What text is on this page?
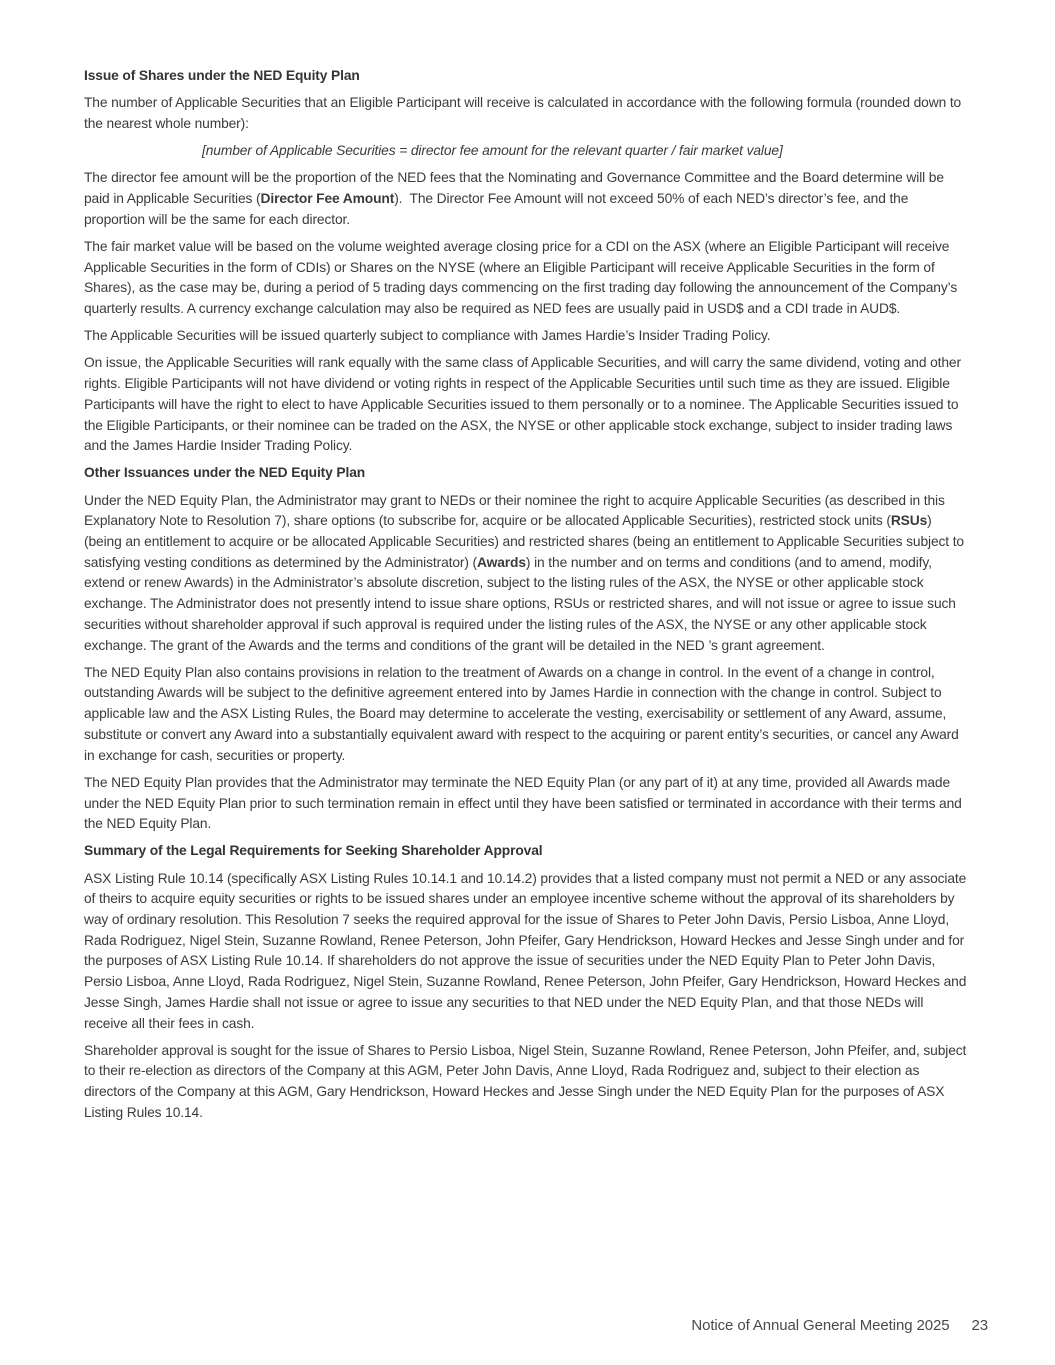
Issue of Shares under the NED Equity Plan

The number of Applicable Securities that an Eligible Participant will receive is calculated in accordance with the following formula (rounded down to the nearest whole number):

[number of Applicable Securities = director fee amount for the relevant quarter / fair market value]

The director fee amount will be the proportion of the NED fees that the Nominating and Governance Committee and the Board determine will be paid in Applicable Securities (Director Fee Amount).  The Director Fee Amount will not exceed 50% of each NED’s director’s fee, and the proportion will be the same for each director.

The fair market value will be based on the volume weighted average closing price for a CDI on the ASX (where an Eligible Participant will receive Applicable Securities in the form of CDIs) or Shares on the NYSE (where an Eligible Participant will receive Applicable Securities in the form of Shares), as the case may be, during a period of 5 trading days commencing on the first trading day following the announcement of the Company’s quarterly results. A currency exchange calculation may also be required as NED fees are usually paid in USD$ and a CDI trade in AUD$.

The Applicable Securities will be issued quarterly subject to compliance with James Hardie’s Insider Trading Policy.

On issue, the Applicable Securities will rank equally with the same class of Applicable Securities, and will carry the same dividend, voting and other rights. Eligible Participants will not have dividend or voting rights in respect of the Applicable Securities until such time as they are issued. Eligible Participants will have the right to elect to have Applicable Securities issued to them personally or to a nominee. The Applicable Securities issued to the Eligible Participants, or their nominee can be traded on the ASX, the NYSE or other applicable stock exchange, subject to insider trading laws and the James Hardie Insider Trading Policy.

Other Issuances under the NED Equity Plan

Under the NED Equity Plan, the Administrator may grant to NEDs or their nominee the right to acquire Applicable Securities (as described in this Explanatory Note to Resolution 7), share options (to subscribe for, acquire or be allocated Applicable Securities), restricted stock units (RSUs) (being an entitlement to acquire or be allocated Applicable Securities) and restricted shares (being an entitlement to Applicable Securities subject to satisfying vesting conditions as determined by the Administrator) (Awards) in the number and on terms and conditions (and to amend, modify, extend or renew Awards) in the Administrator’s absolute discretion, subject to the listing rules of the ASX, the NYSE or other applicable stock exchange. The Administrator does not presently intend to issue share options, RSUs or restricted shares, and will not issue or agree to issue such securities without shareholder approval if such approval is required under the listing rules of the ASX, the NYSE or any other applicable stock exchange. The grant of the Awards and the terms and conditions of the grant will be detailed in the NED ’s grant agreement.

The NED Equity Plan also contains provisions in relation to the treatment of Awards on a change in control. In the event of a change in control, outstanding Awards will be subject to the definitive agreement entered into by James Hardie in connection with the change in control. Subject to applicable law and the ASX Listing Rules, the Board may determine to accelerate the vesting, exercisability or settlement of any Award, assume, substitute or convert any Award into a substantially equivalent award with respect to the acquiring or parent entity’s securities, or cancel any Award in exchange for cash, securities or property.

The NED Equity Plan provides that the Administrator may terminate the NED Equity Plan (or any part of it) at any time, provided all Awards made under the NED Equity Plan prior to such termination remain in effect until they have been satisfied or terminated in accordance with their terms and the NED Equity Plan.

Summary of the Legal Requirements for Seeking Shareholder Approval

ASX Listing Rule 10.14 (specifically ASX Listing Rules 10.14.1 and 10.14.2) provides that a listed company must not permit a NED or any associate of theirs to acquire equity securities or rights to be issued shares under an employee incentive scheme without the approval of its shareholders by way of ordinary resolution. This Resolution 7 seeks the required approval for the issue of Shares to Peter John Davis, Persio Lisboa, Anne Lloyd, Rada Rodriguez, Nigel Stein, Suzanne Rowland, Renee Peterson, John Pfeifer, Gary Hendrickson, Howard Heckes and Jesse Singh under and for the purposes of ASX Listing Rule 10.14. If shareholders do not approve the issue of securities under the NED Equity Plan to Peter John Davis, Persio Lisboa, Anne Lloyd, Rada Rodriguez, Nigel Stein, Suzanne Rowland, Renee Peterson, John Pfeifer, Gary Hendrickson, Howard Heckes and Jesse Singh, James Hardie shall not issue or agree to issue any securities to that NED under the NED Equity Plan, and that those NEDs will receive all their fees in cash.

Shareholder approval is sought for the issue of Shares to Persio Lisboa, Nigel Stein, Suzanne Rowland, Renee Peterson, John Pfeifer, and, subject to their re-election as directors of the Company at this AGM, Peter John Davis, Anne Lloyd, Rada Rodriguez and, subject to their election as directors of the Company at this AGM, Gary Hendrickson, Howard Heckes and Jesse Singh under the NED Equity Plan for the purposes of ASX Listing Rules 10.14.

Notice of Annual General Meeting 2025 23
